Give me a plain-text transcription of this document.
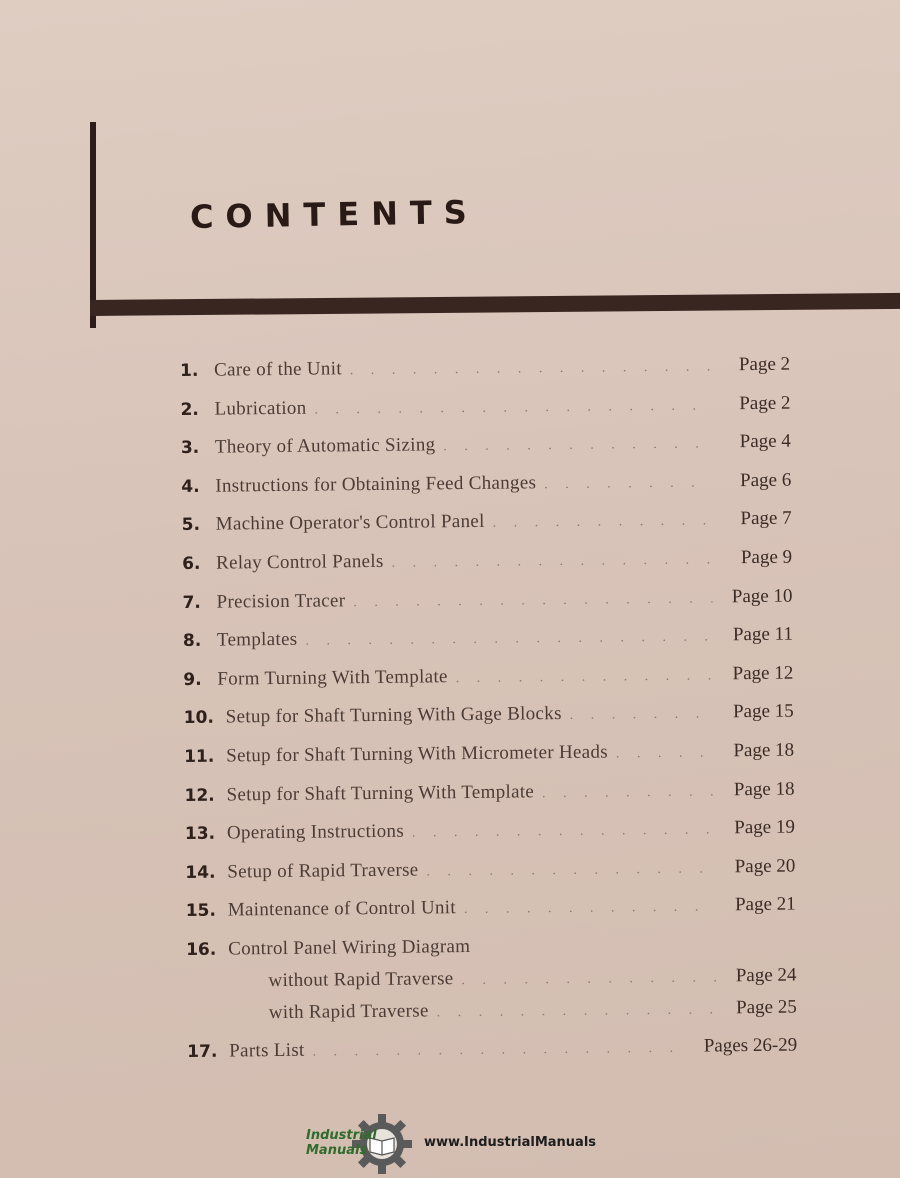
CONTENTS
1. Care of the Unit . . .	Page 2
2. Lubrication . . .	Page 2
3. Theory of Automatic Sizing . . .	Page 4
4. Instructions for Obtaining Feed Changes . . .	Page 6
5. Machine Operator's Control Panel . . .	Page 7
6. Relay Control Panels . . .	Page 9
7. Precision Tracer . . .	Page 10
8. Templates . . .	Page 11
9. Form Turning With Template . . .	Page 12
10. Setup for Shaft Turning With Gage Blocks . . .	Page 15
11. Setup for Shaft Turning With Micrometer Heads . . .	Page 18
12. Setup for Shaft Turning With Template . . .	Page 18
13. Operating Instructions . . .	Page 19
14. Setup of Rapid Traverse . . .	Page 20
15. Maintenance of Control Unit . . .	Page 21
16. Control Panel Wiring Diagram
without Rapid Traverse . . .	Page 24
with Rapid Traverse . . .	Page 25
17. Parts List . . .	Pages 26-29
Industrial
Manuals
www.IndustrialManuals
